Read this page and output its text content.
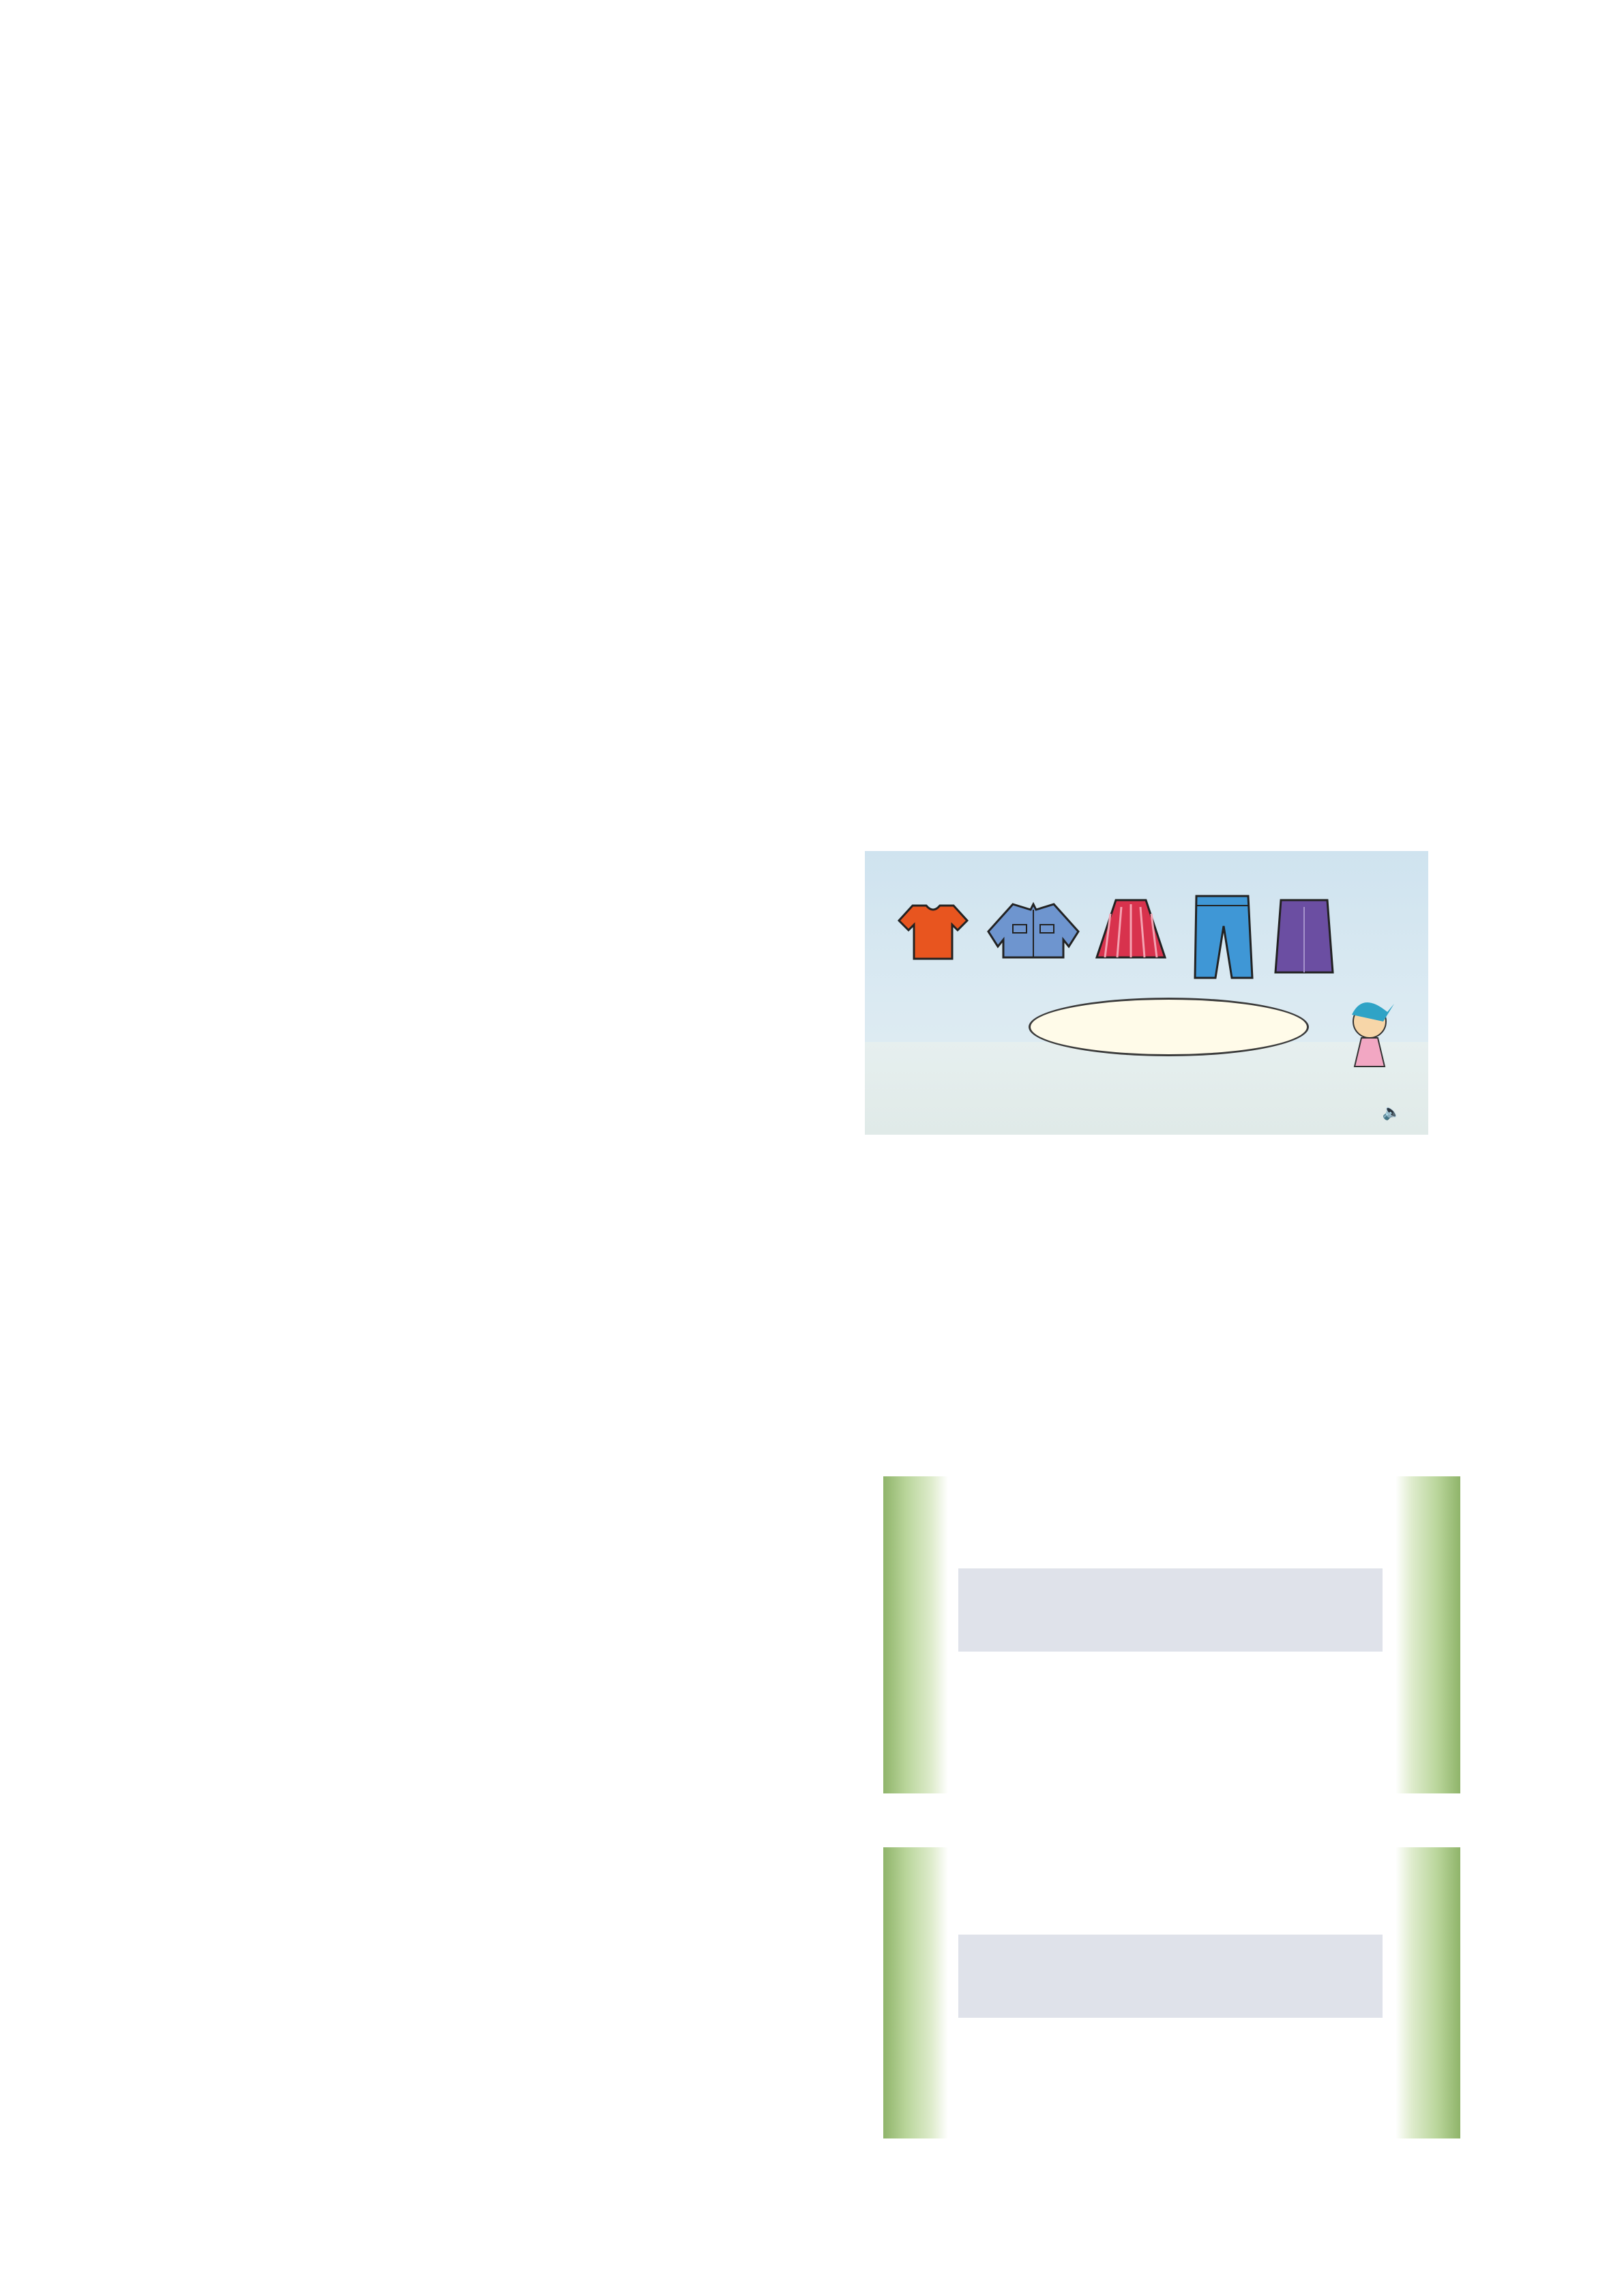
🔈
